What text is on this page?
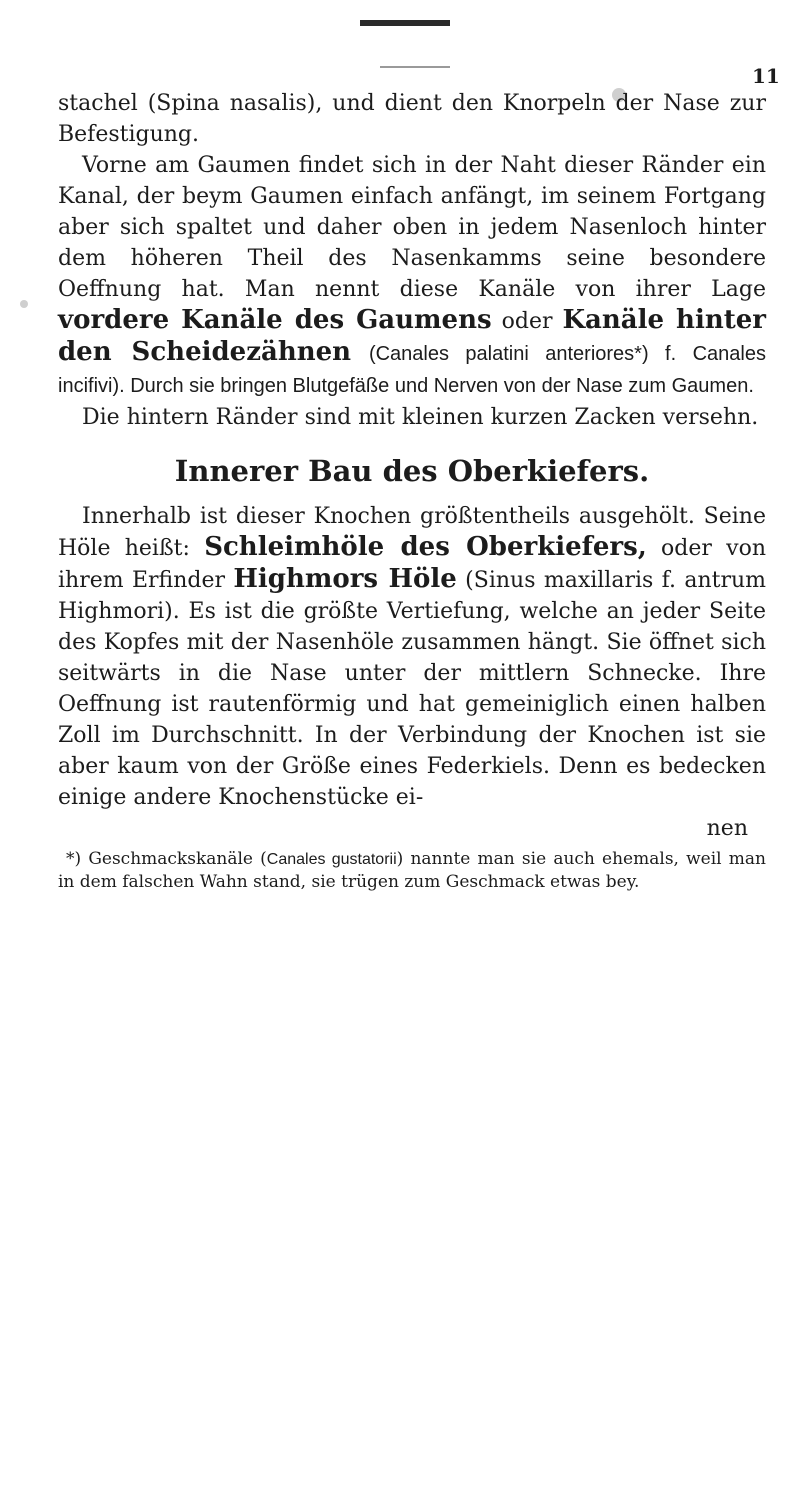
11

stachel (Spina nasalis), und dient den Knorpeln der Nase zur Befestigung.

Vorne am Gaumen findet sich in der Naht dieser Ränder ein Kanal, der beym Gaumen einfach anfängt, im seinem Fortgang aber sich spaltet und daher oben in jedem Nasenloch hinter dem höheren Theil des Nasenkamms seine besondere Oeffnung hat. Man nennt diese Kanäle von ihrer Lage vordere Kanäle des Gaumens oder Kanäle hinter den Scheidezähnen (Canales palatini anteriores*) f. Canales incifivi). Durch sie bringen Blutgefäße und Nerven von der Nase zum Gaumen.

Die hintern Ränder sind mit kleinen kurzen Zacken versehn.

Innerer Bau des Oberkiefers.

Innerhalb ist dieser Knochen größtentheils ausgehölt. Seine Höle heißt: Schleimhöle des Oberkiefers, oder von ihrem Erfinder Highmors Höle (Sinus maxillaris f. antrum Highmori). Es ist die größte Vertiefung, welche an jeder Seite des Kopfes mit der Nasenhöle zusammen hängt. Sie öffnet sich seitwärts in die Nase unter der mittlern Schnecke. Ihre Oeffnung ist rautenförmig und hat gemeiniglich einen halben Zoll im Durchschnitt. In der Verbindung der Knochen ist sie aber kaum von der Größe eines Federkiels. Denn es bedecken einige andere Knochenstücke ei-

nen

*) Geschmackskanäle (Canales gustatorii) nannte man sie auch ehemals, weil man in dem falschen Wahn stand, sie trügen zum Geschmack etwas bey.
